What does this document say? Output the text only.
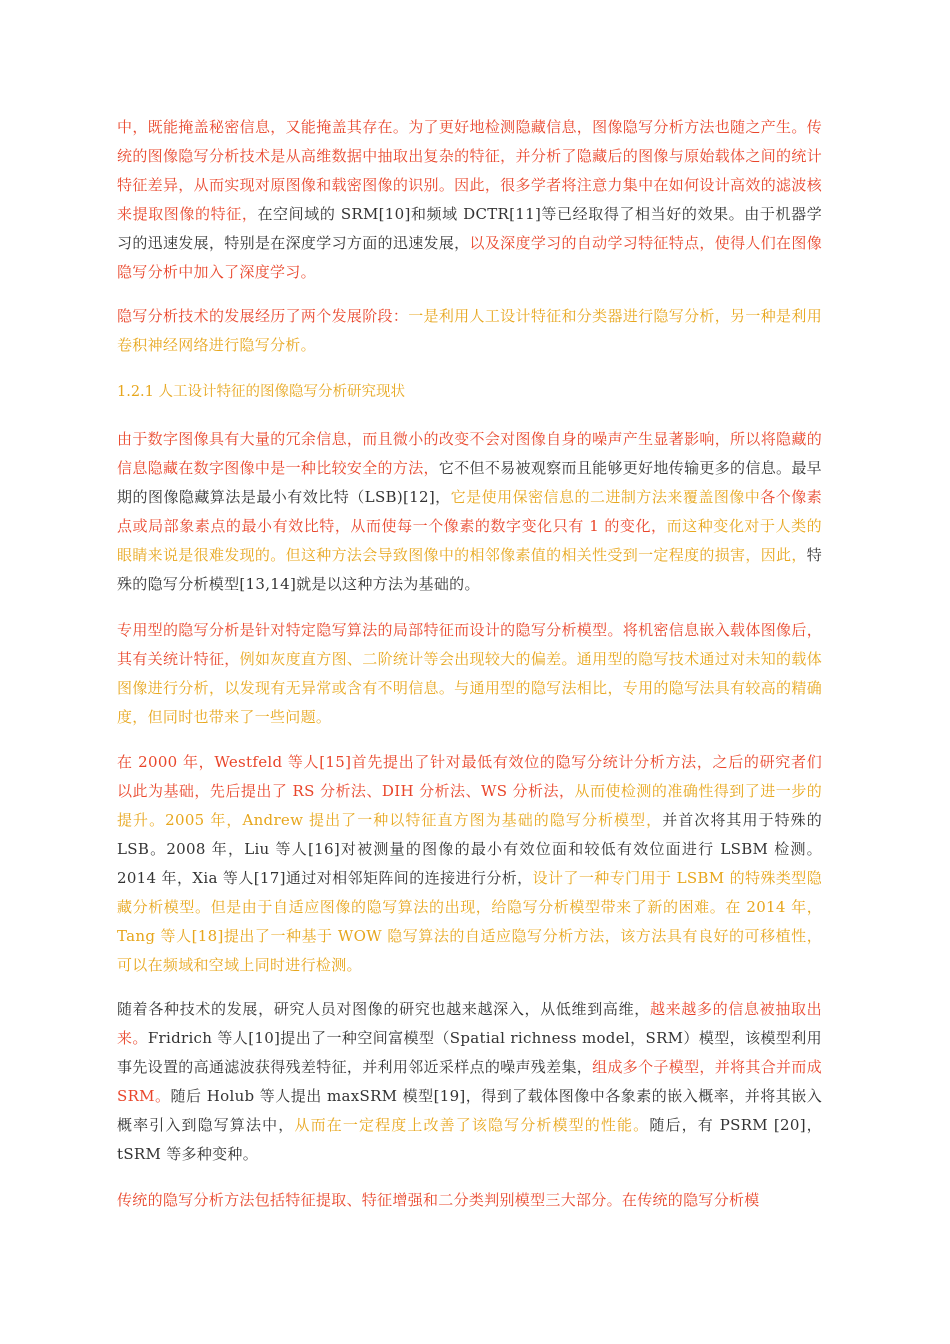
中，既能掩盖秘密信息，又能掩盖其存在。为了更好地检测隐藏信息，图像隐写分析方法也随之产生。传统的图像隐写分析技术是从高维数据中抽取出复杂的特征，并分析了隐藏后的图像与原始载体之间的统计特征差异，从而实现对原图像和载密图像的识别。因此，很多学者将注意力集中在如何设计高效的滤波核来提取图像的特征，在空间域的 SRM[10]和频域 DCTR[11]等已经取得了相当好的效果。由于机器学习的迅速发展，特别是在深度学习方面的迅速发展，以及深度学习的自动学习特征特点，使得人们在图像隐写分析中加入了深度学习。

隐写分析技术的发展经历了两个发展阶段：一是利用人工设计特征和分类器进行隐写分析，另一种是利用卷积神经网络进行隐写分析。

1.2.1 人工设计特征的图像隐写分析研究现状

由于数字图像具有大量的冗余信息，而且微小的改变不会对图像自身的噪声产生显著影响，所以将隐藏的信息隐藏在数字图像中是一种比较安全的方法，它不但不易被观察而且能够更好地传输更多的信息。最早期的图像隐藏算法是最小有效比特（LSB)[12]，它是使用保密信息的二进制方法来覆盖图像中各个像素点或局部象素点的最小有效比特，从而使每一个像素的数字变化只有 1 的变化，而这种变化对于人类的眼睛来说是很难发现的。但这种方法会导致图像中的相邻像素值的相关性受到一定程度的损害，因此，特殊的隐写分析模型[13,14]就是以这种方法为基础的。

专用型的隐写分析是针对特定隐写算法的局部特征而设计的隐写分析模型。将机密信息嵌入载体图像后，其有关统计特征，例如灰度直方图、二阶统计等会出现较大的偏差。通用型的隐写技术通过对未知的载体图像进行分析，以发现有无异常或含有不明信息。与通用型的隐写法相比，专用的隐写法具有较高的精确度，但同时也带来了一些问题。

在 2000 年，Westfeld 等人[15]首先提出了针对最低有效位的隐写分统计分析方法，之后的研究者们以此为基础，先后提出了 RS 分析法、DIH 分析法、WS 分析法，从而使检测的准确性得到了进一步的提升。2005 年，Andrew 提出了一种以特征直方图为基础的隐写分析模型，并首次将其用于特殊的 LSB。2008 年，Liu 等人[16]对被测量的图像的最小有效位面和较低有效位面进行 LSBM 检测。2014 年，Xia 等人[17]通过对相邻矩阵间的连接进行分析，设计了一种专门用于 LSBM 的特殊类型隐藏分析模型。但是由于自适应图像的隐写算法的出现，给隐写分析模型带来了新的困难。在 2014 年，Tang 等人[18]提出了一种基于 WOW 隐写算法的自适应隐写分析方法，该方法具有良好的可移植性，可以在频域和空域上同时进行检测。

随着各种技术的发展，研究人员对图像的研究也越来越深入，从低维到高维，越来越多的信息被抽取出来。Fridrich 等人[10]提出了一种空间富模型（Spatial richness model，SRM）模型，该模型利用事先设置的高通滤波获得残差特征，并利用邻近采样点的噪声残差集，组成多个子模型，并将其合并而成 SRM。随后 Holub 等人提出 maxSRM 模型[19]，得到了载体图像中各象素的嵌入概率，并将其嵌入概率引入到隐写算法中，从而在一定程度上改善了该隐写分析模型的性能。随后，有 PSRM [20]，tSRM 等多种变种。

传统的隐写分析方法包括特征提取、特征增强和二分类判别模型三大部分。在传统的隐写分析模
